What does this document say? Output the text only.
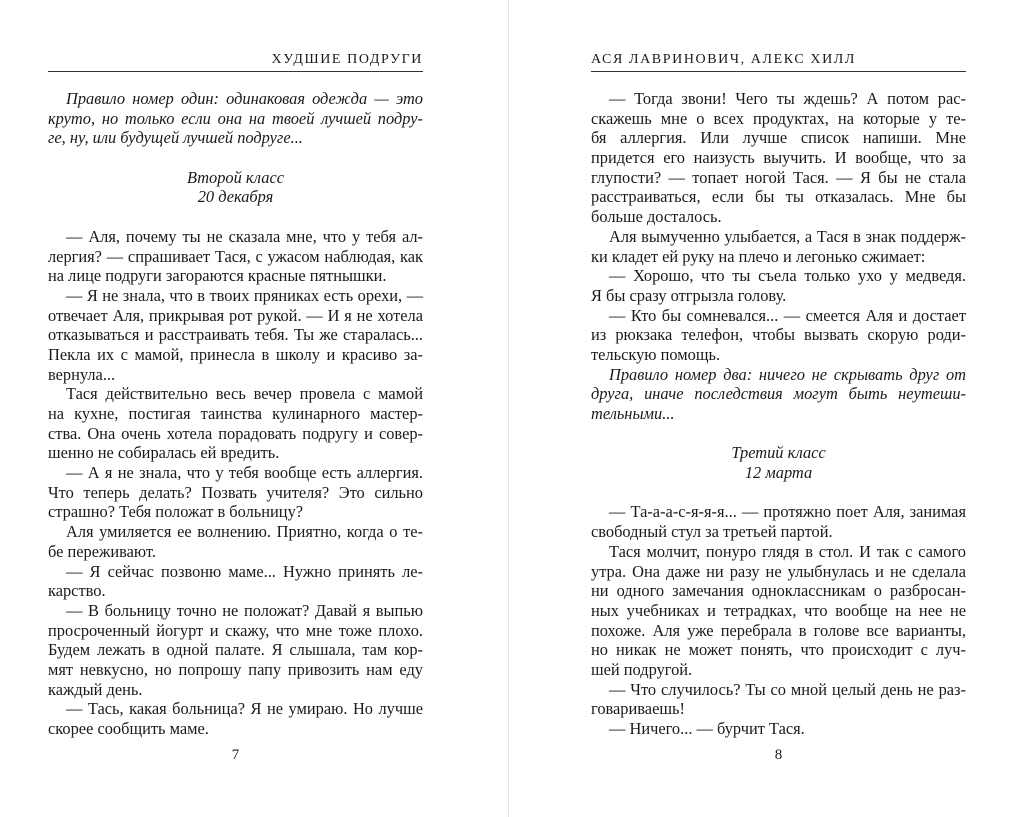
ХУДШИЕ ПОДРУГИ
Правило номер один: одинаковая одежда — это
круто, но только если она на твоей лучшей подру-
ге, ну, или будущей лучшей подруге...
Второй класс
20 декабря
— Аля, почему ты не сказала мне, что у тебя ал-
лергия? — спрашивает Тася, с ужасом наблюдая, как
на лице подруги загораются красные пятнышки.
— Я не знала, что в твоих пряниках есть орехи, —
отвечает Аля, прикрывая рот рукой. — И я не хотела
отказываться и расстраивать тебя. Ты же старалась...
Пекла их с мамой, принесла в школу и красиво за-
вернула...
Тася действительно весь вечер провела с мамой
на кухне, постигая таинства кулинарного мастер-
ства. Она очень хотела порадовать подругу и совер-
шенно не собиралась ей вредить.
— А я не знала, что у тебя вообще есть аллергия.
Что теперь делать? Позвать учителя? Это сильно
страшно? Тебя положат в больницу?
Аля умиляется ее волнению. Приятно, когда о те-
бе переживают.
— Я сейчас позвоню маме... Нужно принять ле-
карство.
— В больницу точно не положат? Давай я выпью
просроченный йогурт и скажу, что мне тоже плохо.
Будем лежать в одной палате. Я слышала, там кор-
мят невкусно, но попрошу папу привозить нам еду
каждый день.
— Тась, какая больница? Я не умираю. Но лучше
скорее сообщить маме.
7
АСЯ ЛАВРИНОВИЧ, АЛЕКС ХИЛЛ
— Тогда звони! Чего ты ждешь? А потом рас-
скажешь мне о всех продуктах, на которые у те-
бя аллергия. Или лучше список напиши. Мне
придется его наизусть выучить. И вообще, что за
глупости? — топает ногой Тася. — Я бы не стала
расстраиваться, если бы ты отказалась. Мне бы
больше досталось.
Аля вымученно улыбается, а Тася в знак поддерж-
ки кладет ей руку на плечо и легонько сжимает:
— Хорошо, что ты съела только ухо у медведя.
Я бы сразу отгрызла голову.
— Кто бы сомневался... — смеется Аля и достает
из рюкзака телефон, чтобы вызвать скорую роди-
тельскую помощь.
Правило номер два: ничего не скрывать друг от
друга, иначе последствия могут быть неутеши-
тельными...
Третий класс
12 марта
— Та-а-а-с-я-я-я... — протяжно поет Аля, занимая
свободный стул за третьей партой.
Тася молчит, понуро глядя в стол. И так с самого
утра. Она даже ни разу не улыбнулась и не сделала
ни одного замечания одноклассникам о разбросан-
ных учебниках и тетрадках, что вообще на нее не
похоже. Аля уже перебрала в голове все варианты,
но никак не может понять, что происходит с луч-
шей подругой.
— Что случилось? Ты со мной целый день не раз-
говариваешь!
— Ничего... — бурчит Тася.
8
